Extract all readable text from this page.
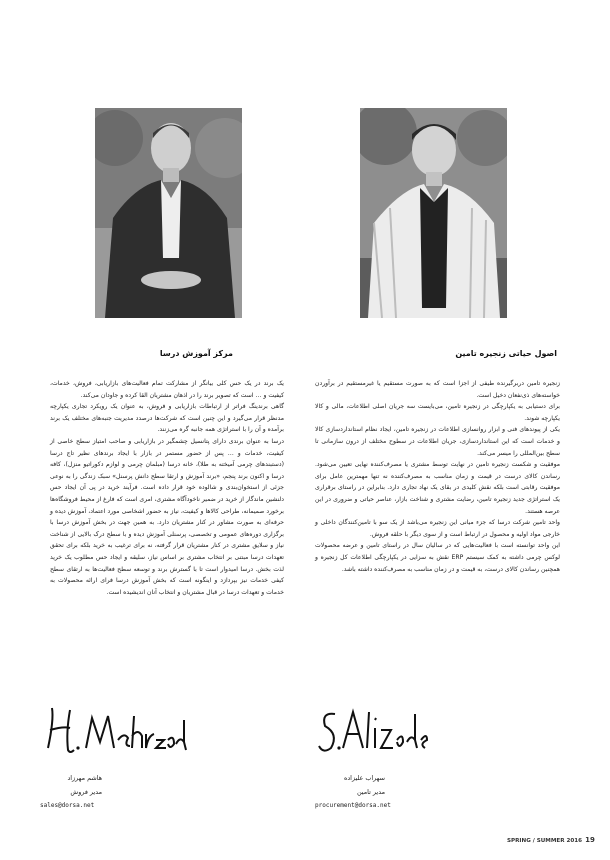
مرکز آموزش درسا	اصول حیاتی زنجیره تامین

یک برند در یک حس کلی بیانگر از مشارکت تمام فعالیت‌های بازاریابی، فروش، خدمات، کیفیت و … است که تصویر برند را در اذهان مشتریان القا کرده و جاودان می‌کند.

گاهی برندینگ فراتر از ارتباطات بازاریابی و فروش، به عنوان یک رویکرد تجاری یکپارچه مدنظر قرار می‌گیرد و این چنین است که شرکت‌ها درصدد مدیریت جنبه‌های مختلف یک برند برآمده و آن را با استراتژی همه جانبه گره می‌زنند.

درسا به عنوان برندی دارای پتانسیل چشمگیر در بازاریابی و صاحب امتیاز سطح خاصی از کیفیت، خدمات و … پس از حضور مستمر در بازار با ایجاد برندهای نظیر تاج درسا (دستبندهای چرمی آمیخته به طلا)، خانه درسا (مبلمان چرمی و لوازم دکوراتیو منزل)، کافه درسا و اکنون برند پنجم، «برند آموزش و ارتقا سطح دانش پرسنل» سبک زندگی را به نوعی جزئی از استخوان‌بندی و شالوده خود قرار داده است. فرآیند خرید در پی آن ایجاد حس دلنشین ماندگار از خرید در ضمیر ناخودآگاه مشتری، امری است که فارغ از محیط فروشگاه‌ها برخورد صمیمانه، طراحی کالاها و کیفیت، نیاز به حضور اشخاصی مورد اعتماد، آموزش دیده و حرفه‌ای به صورت مشاور در کنار مشتریان دارد. به همین جهت در بخش آموزش درسا با برگزاری دوره‌های عمومی و تخصصی، پرسنلی آموزش دیده و با سطح درک بالایی از شناخت نیاز و سلایق مشتری در کنار مشتریان قرار گرفته، نه برای ترغیب به خرید بلکه برای تحقق تعهدات درسا مبتنی بر انتخاب مشتری بر اساس نیاز، سلیقه و ایجاد حس مطلوب یک خرید لذت بخش. درسا امیدوار است تا با گسترش برند و توسعه سطح فعالیت‌ها به ارتقای سطح کیفی خدمات نیز بپردازد و اینگونه است که بخش آموزش درسا فرای ارائه محصولات به خدمات و تعهدات درسا در قبال مشتریان و انتخاب آنان اندیشیده است.

زنجیره تامین دربرگیرنده طیفی از اجزا است که به صورت مستقیم یا غیرمستقیم در برآوردن خواسته‌های ذی‌نفعان دخیل است.

برای دستیابی به یکپارچگی در زنجیره تامین، می‌بایست سه جریان اصلی اطلاعات، مالی و کالا یکپارچه شوند.

یکی از پیوندهای فنی و ابزار روانسازی اطلاعات در زنجیره تامین، ایجاد نظام استانداردسازی کالا و خدمات است که این استانداردسازی، جریان اطلاعات در سطوح مختلف از درون سازمانی تا سطح بین‌المللی را میسر می‌کند.

موفقیت و شکست زنجیره تامین در نهایت توسط مشتری یا مصرف‌کننده نهایی تعیین می‌شود. رساندن کالای درست در قیمت و زمان مناسب به مصرف‌کننده نه تنها مهمترین عامل برای موفقیت رقابتی است بلکه نقش کلیدی در بقای یک نهاد تجاری دارد. بنابراین در راستای برقراری یک استراتژی جدید زنجیره تامین، رضایت مشتری و شناخت بازار، عناصر حیاتی و ضروری در این عرصه هستند.

واحد تامین شرکت درسا که جزء میانی این زنجیره می‌باشد از یک سو با تامین‌کنندگان داخلی و خارجی مواد اولیه و محصول در ارتباط است و از سوی دیگر با حلقه فروش.

این واحد توانسته است با فعالیت‌هایی که در سالیان سال در راستای تامین و عرضه محصولات لوکس چرمی داشته به کمک سیستم ERP نقش به سزایی در یکپارچگی اطلاعات کل زنجیره و همچنین رساندن کالای درست، به قیمت و در زمان مناسب به مصرف‌کننده داشته باشد.

هاشم مهرزاد
مدیر فروش
sales@dorsa.net
سهراب علیزاده
مدیر تامین
procurement@dorsa.net
SPRING / SUMMER 2016 19
